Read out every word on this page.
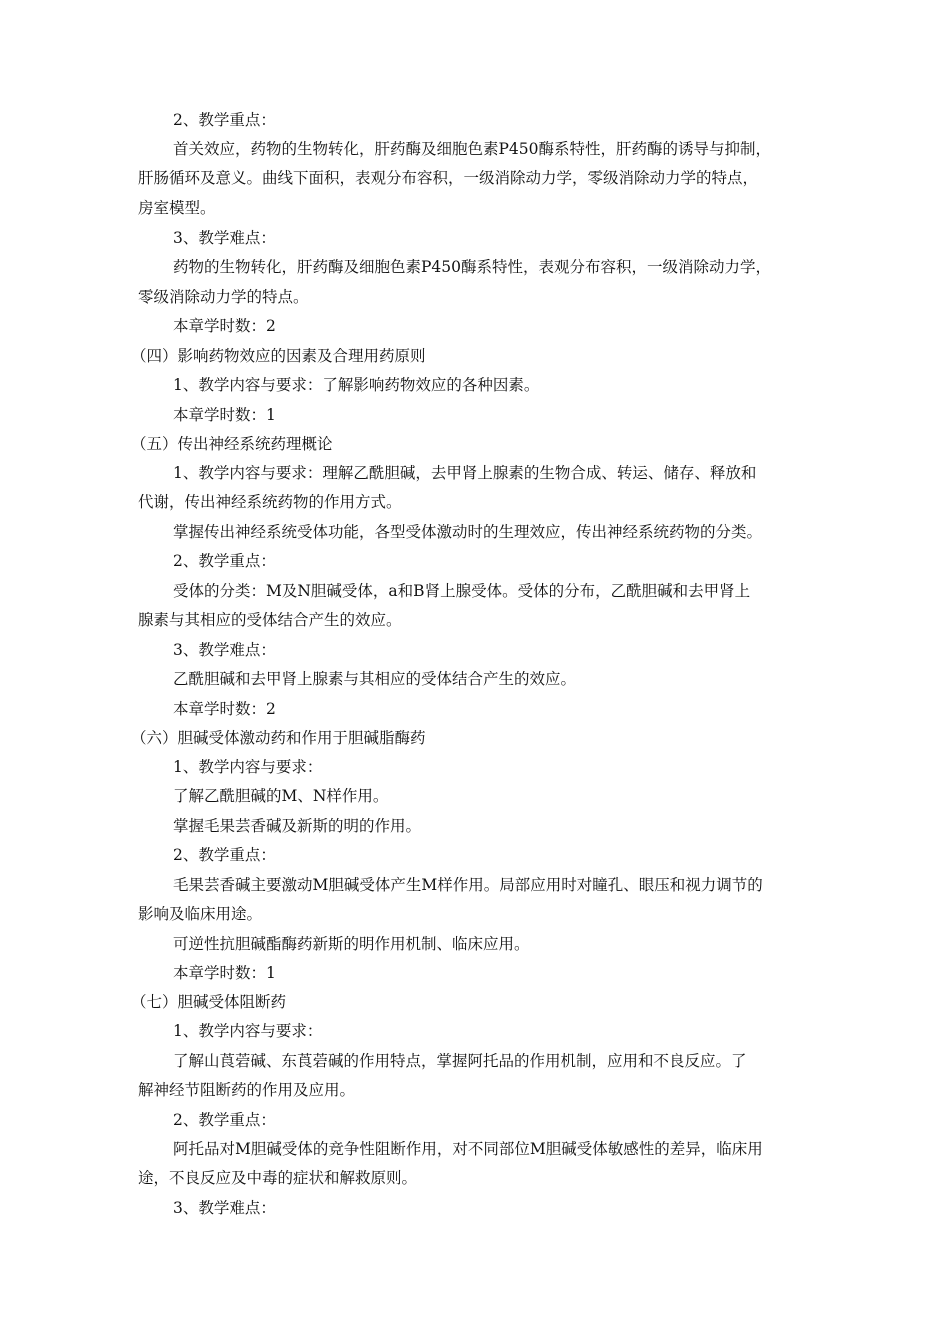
2、教学重点：
首关效应，药物的生物转化，肝药酶及细胞色素P450酶系特性，肝药酶的诱导与抑制，
肝肠循环及意义。曲线下面积，表观分布容积，一级消除动力学，零级消除动力学的特点，
房室模型。
3、教学难点：
药物的生物转化，肝药酶及细胞色素P450酶系特性，表观分布容积，一级消除动力学，
零级消除动力学的特点。
本章学时数：2
（四）影响药物效应的因素及合理用药原则
1、教学内容与要求：了解影响药物效应的各种因素。
本章学时数：1
（五）传出神经系统药理概论
1、教学内容与要求：理解乙酰胆碱，去甲肾上腺素的生物合成、转运、储存、释放和
代谢，传出神经系统药物的作用方式。
掌握传出神经系统受体功能，各型受体激动时的生理效应，传出神经系统药物的分类。
2、教学重点：
受体的分类：M及N胆碱受体，a和B肾上腺受体。受体的分布，乙酰胆碱和去甲肾上
腺素与其相应的受体结合产生的效应。
3、教学难点：
乙酰胆碱和去甲肾上腺素与其相应的受体结合产生的效应。
本章学时数：2
（六）胆碱受体激动药和作用于胆碱脂酶药
1、教学内容与要求：
了解乙酰胆碱的M、N样作用。
掌握毛果芸香碱及新斯的明的作用。
2、教学重点：
毛果芸香碱主要激动M胆碱受体产生M样作用。局部应用时对瞳孔、眼压和视力调节的
影响及临床用途。
可逆性抗胆碱酯酶药新斯的明作用机制、临床应用。
本章学时数：1
（七）胆碱受体阻断药
1、教学内容与要求：
了解山莨菪碱、东莨菪碱的作用特点，掌握阿托品的作用机制，应用和不良反应。了
解神经节阻断药的作用及应用。
2、教学重点：
阿托品对M胆碱受体的竞争性阻断作用，对不同部位M胆碱受体敏感性的差异，临床用
途，不良反应及中毒的症状和解救原则。
3、教学难点：
